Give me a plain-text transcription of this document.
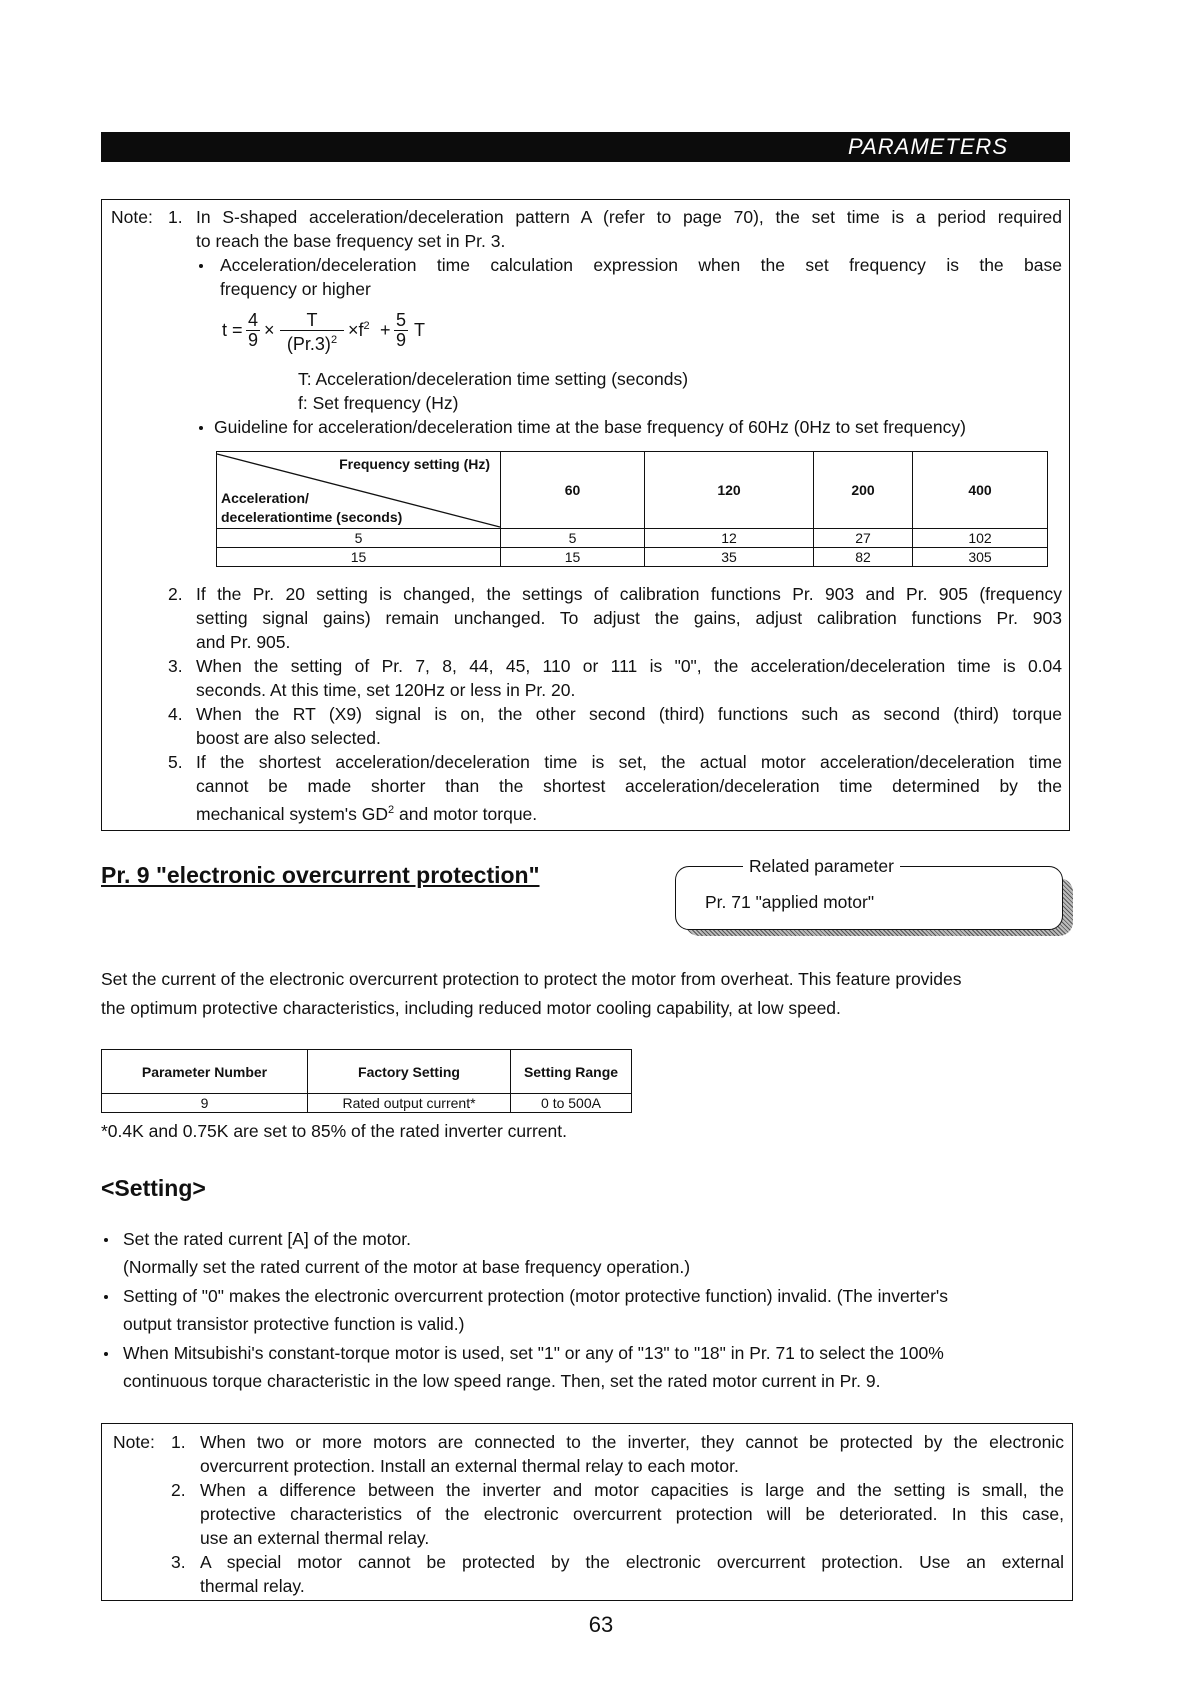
PARAMETERS
Note: 1. In S-shaped acceleration/deceleration pattern A (refer to page 70), the set time is a period required
to reach the base frequency set in Pr. 3.
Acceleration/deceleration time calculation expression when the set frequency is the base
frequency or higher
$t = \frac{4}{9} \times \frac{T}{(Pr.3)^2} \times f^2 + \frac{5}{9}$ T
T: Acceleration/deceleration time setting (seconds)
f: Set frequency (Hz)
Guideline for acceleration/deceleration time at the base frequency of 60Hz (0Hz to set frequency)
Frequency setting (Hz)
Acceleration/
decelerationtime (seconds)	60	120	200	400
5	5	12	27	102
15	15	35	82	305
2. If the Pr. 20 setting is changed, the settings of calibration functions Pr. 903 and Pr. 905 (frequency
setting signal gains) remain unchanged. To adjust the gains, adjust calibration functions Pr. 903
and Pr. 905.
3. When the setting of Pr. 7, 8, 44, 45, 110 or 111 is "0", the acceleration/deceleration time is 0.04
seconds. At this time, set 120Hz or less in Pr. 20.
4. When the RT (X9) signal is on, the other second (third) functions such as second (third) torque
boost are also selected.
5. If the shortest acceleration/deceleration time is set, the actual motor acceleration/deceleration time
cannot be made shorter than the shortest acceleration/deceleration time determined by the
mechanical system's $GD^2$ and motor torque.
Pr. 9 "electronic overcurrent protection"	Related parameter
Pr. 71 "applied motor"
Set the current of the electronic overcurrent protection to protect the motor from overheat. This feature provides
the optimum protective characteristics, including reduced motor cooling capability, at low speed.
Parameter Number	Factory Setting	Setting Range
9	Rated output current*	0 to 500A
*0.4K and 0.75K are set to 85% of the rated inverter current.
<Setting>
Set the rated current [A] of the motor.
(Normally set the rated current of the motor at base frequency operation.)
Setting of "0" makes the electronic overcurrent protection (motor protective function) invalid. (The inverter's
output transistor protective function is valid.)
When Mitsubishi's constant-torque motor is used, set "1" or any of "13" to "18" in Pr. 71 to select the 100%
continuous torque characteristic in the low speed range. Then, set the rated motor current in Pr. 9.
Note: 1. When two or more motors are connected to the inverter, they cannot be protected by the electronic
overcurrent protection. Install an external thermal relay to each motor.
2. When a difference between the inverter and motor capacities is large and the setting is small, the
protective characteristics of the electronic overcurrent protection will be deteriorated. In this case,
use an external thermal relay.
3. A special motor cannot be protected by the electronic overcurrent protection. Use an external
thermal relay.
63
